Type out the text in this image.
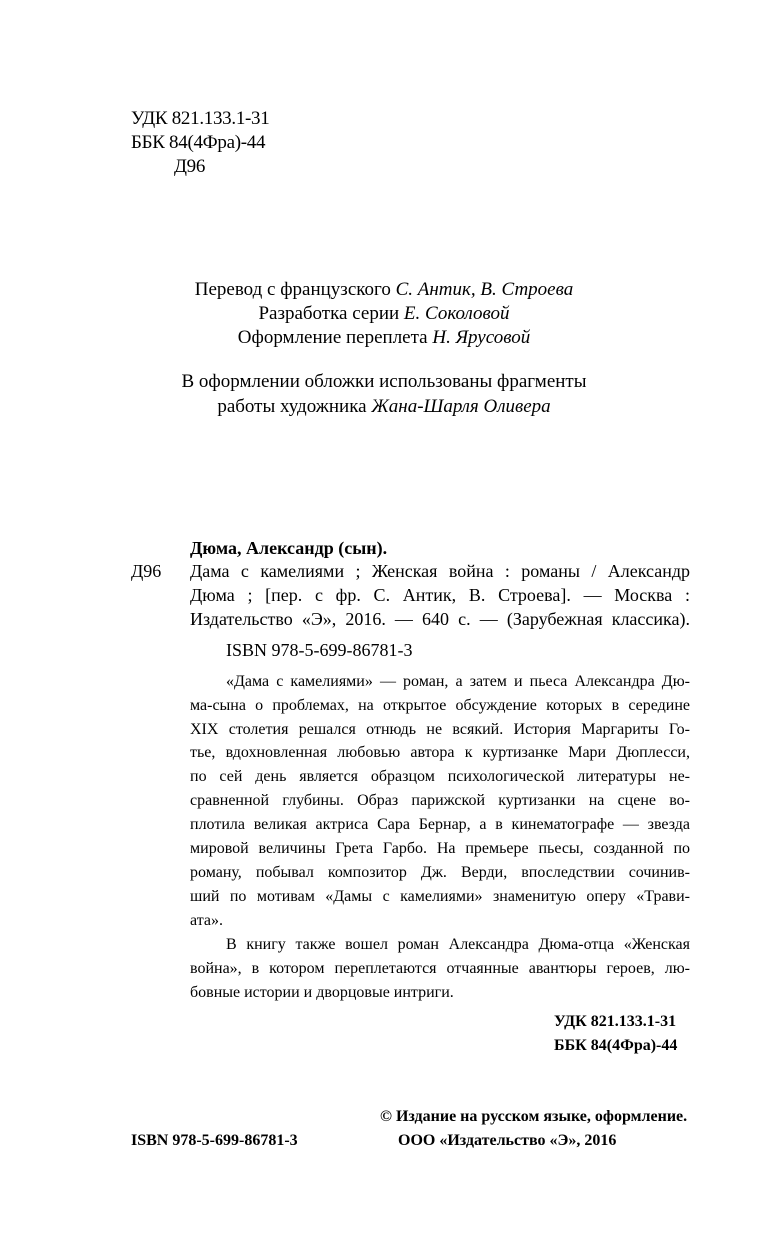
УДК 821.133.1-31
ББК 84(4Фра)-44
Д96
Перевод с французского С. Антик, В. Строева
Разработка серии Е. Соколовой
Оформление переплета Н. Ярусовой
В оформлении обложки использованы фрагменты
работы художника Жана-Шарля Оливера
Дюма, Александр (сын).
Д96 Дама с камелиями ; Женская война : романы / Александр
Дюма ; [пер. с фр. С. Антик, В. Строева]. — Москва :
Издательство «Э», 2016. — 640 с. — (Зарубежная классика).
ISBN 978-5-699-86781-3
«Дама с камелиями» — роман, а затем и пьеса Александра Дю-
ма-сына о проблемах, на открытое обсуждение которых в середине
XIX столетия решался отнюдь не всякий. История Маргариты Го-
тье, вдохновленная любовью автора к куртизанке Мари Дюплесси,
по сей день является образцом психологической литературы не-
сравненной глубины. Образ парижской куртизанки на сцене во-
плотила великая актриса Сара Бернар, а в кинематографе — звезда
мировой величины Грета Гарбо. На премьере пьесы, созданной по
роману, побывал композитор Дж. Верди, впоследствии сочинив-
ший по мотивам «Дамы с камелиями» знаменитую оперу «Трави-
ата».
В книгу также вошел роман Александра Дюма-отца «Женская
война», в котором переплетаются отчаянные авантюры героев, лю-
бовные истории и дворцовые интриги.
УДК 821.133.1-31
ББК 84(4Фра)-44
ISBN 978-5-699-86781-3
© Издание на русском языке, оформление.
ООО «Издательство «Э», 2016
